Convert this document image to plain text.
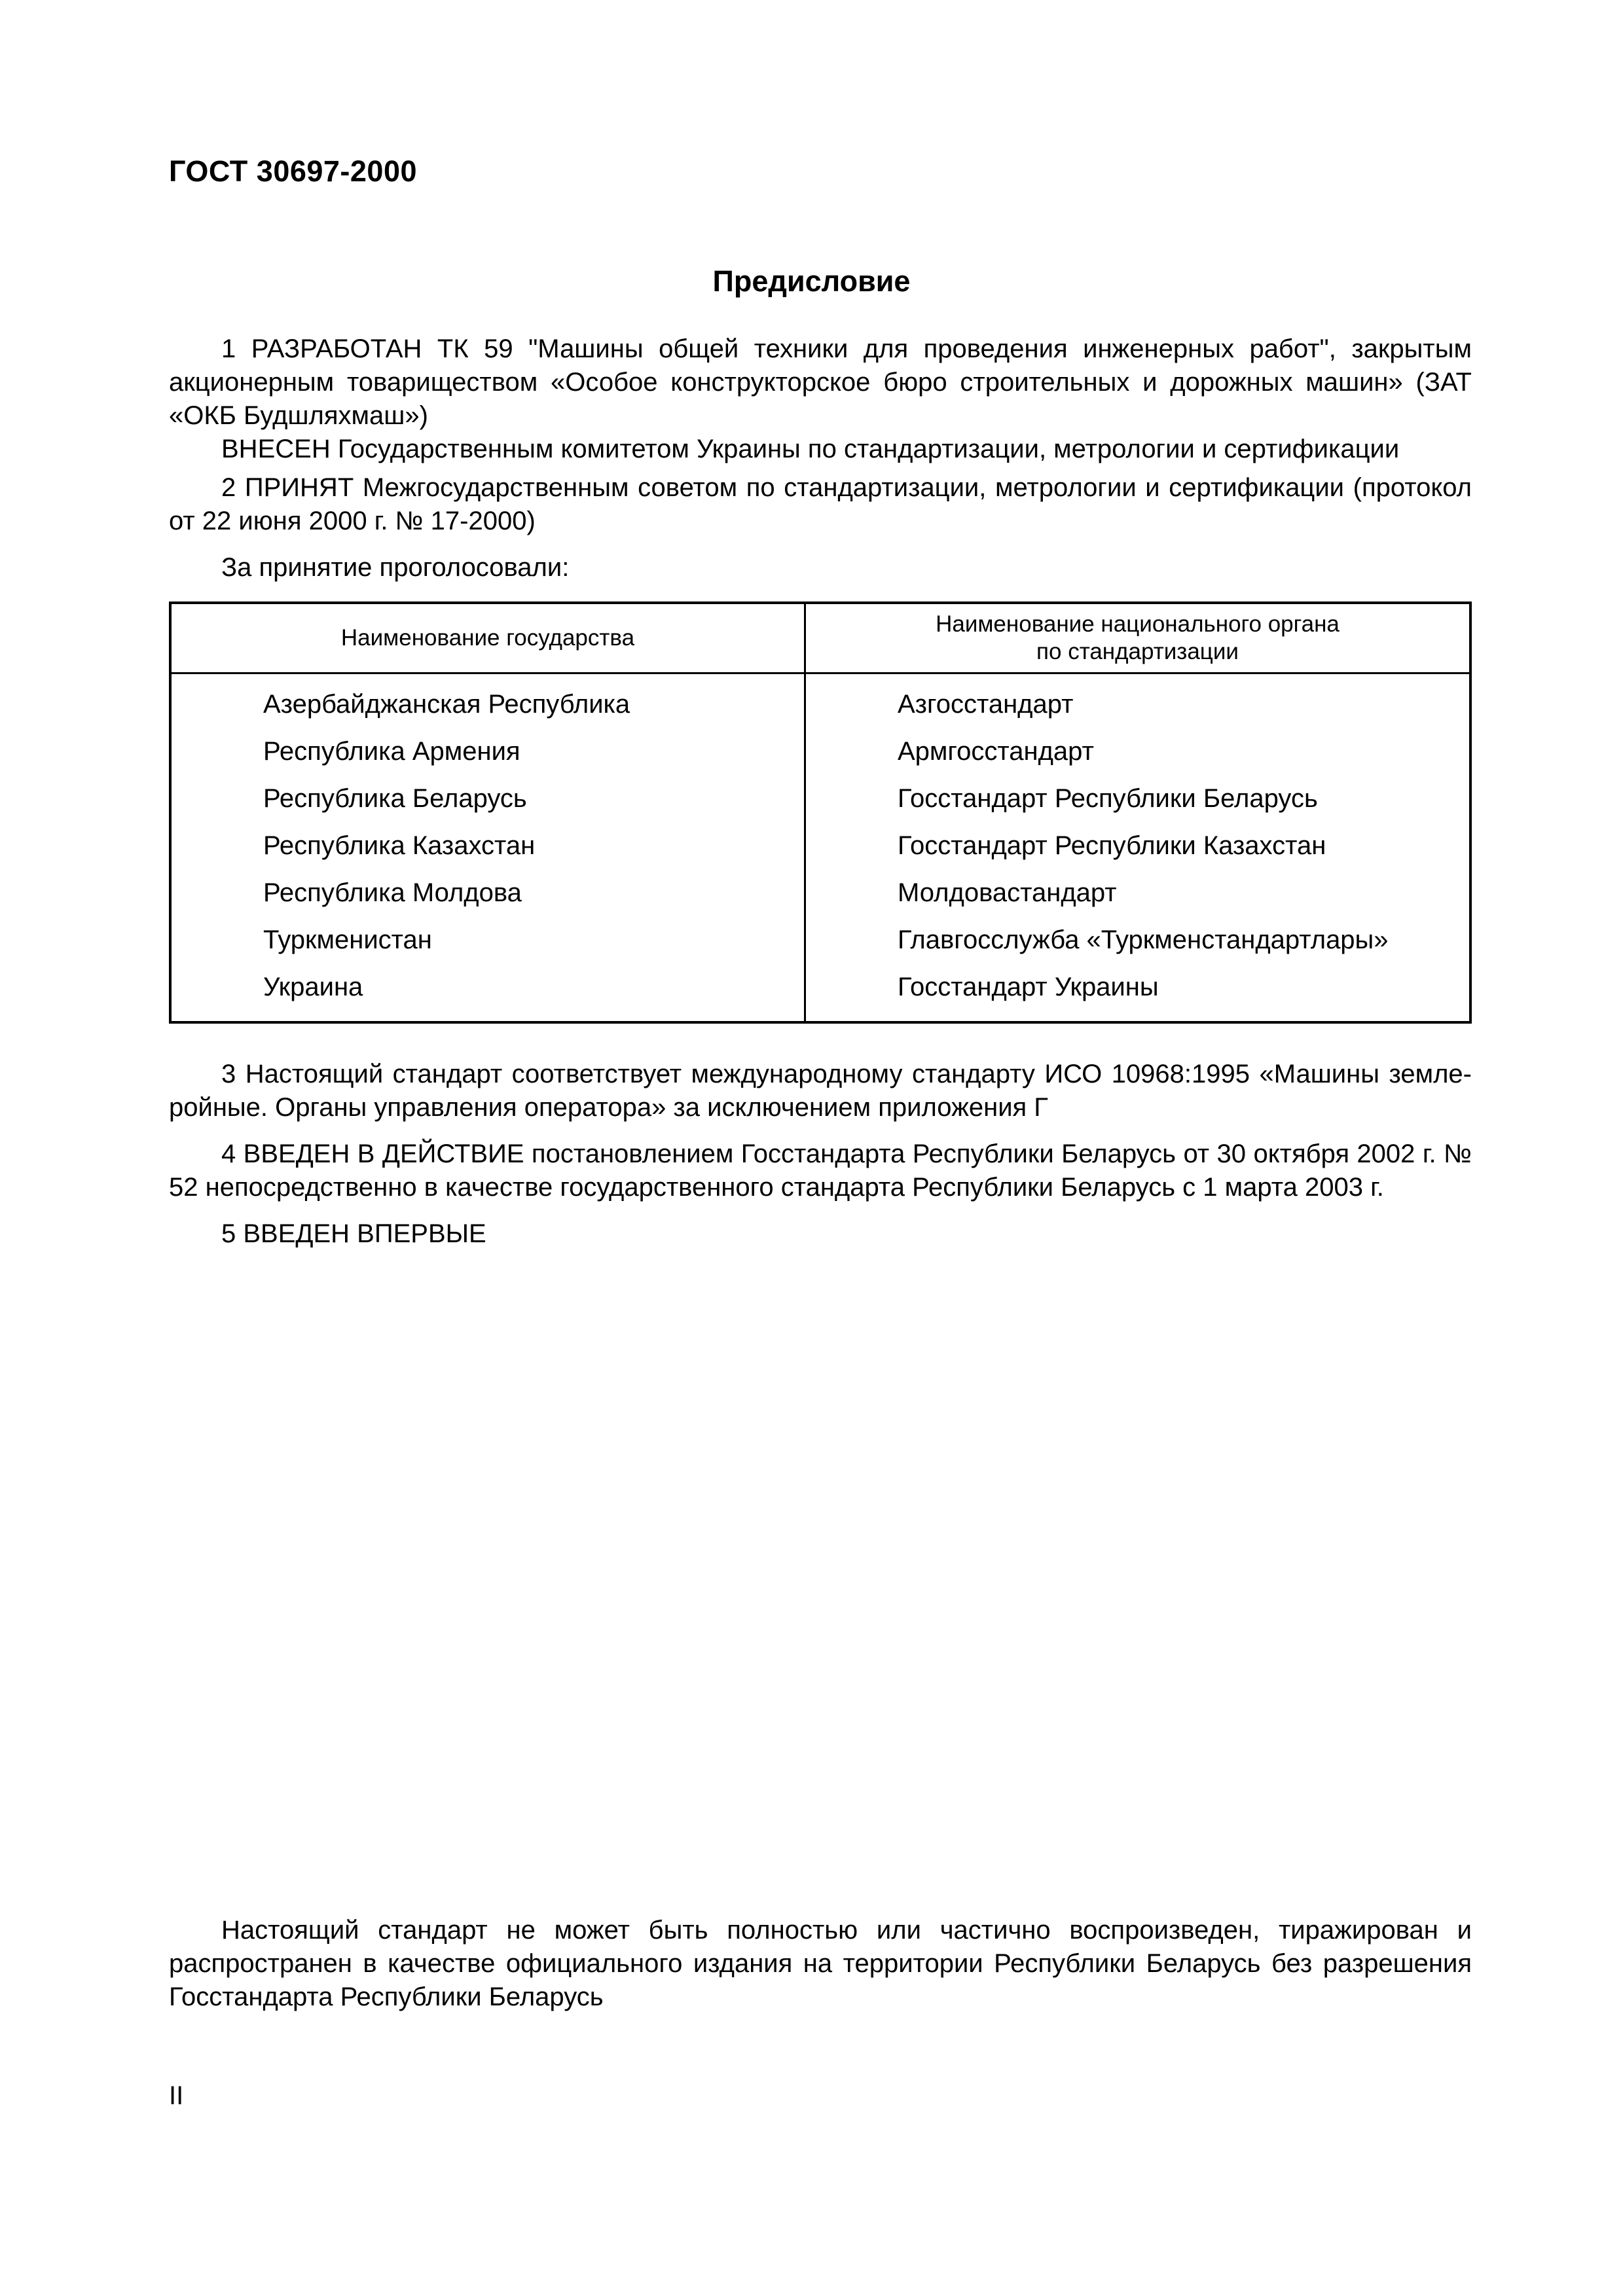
ГОСТ 30697-2000
Предисловие

1 РАЗРАБОТАН ТК 59 "Машины общей техники для проведения инженерных работ", закрытым акционерным товариществом «Особое конструкторское бюро строительных и дорожных машин» (ЗАТ «ОКБ Будшляхмаш»)

ВНЕСЕН Государственным комитетом Украины по стандартизации, метрологии и сертификации

2 ПРИНЯТ Межгосударственным советом по стандартизации, метрологии и сертификации (протокол от 22 июня 2000 г. № 17-2000)

За принятие проголосовали:

Наименование государства	Наименование национального органа
по стандартизации
Азербайджанская Республика	Азгосстандарт
Республика Армения	Армгосстандарт
Республика Беларусь	Госстандарт Республики Беларусь
Республика Казахстан	Госстандарт Республики Казахстан
Республика Молдова	Молдовастандарт
Туркменистан	Главгосслужба «Туркменстандартлары»
Украина	Госстандарт Украины

3 Настоящий стандарт соответствует международному стандарту ИСО 10968:1995 «Машины земле-ройные. Органы управления оператора» за исключением приложения Г

4 ВВЕДЕН В ДЕЙСТВИЕ постановлением Госстандарта Республики Беларусь от 30 октября 2002 г. № 52 непосредственно в качестве государственного стандарта Республики Беларусь с 1 марта 2003 г.

5 ВВЕДЕН ВПЕРВЫЕ

Настоящий стандарт не может быть полностью или частично воспроизведен, тиражирован и распространен в качестве официального издания на территории Республики Беларусь без разрешения Госстандарта Республики Беларусь

II
